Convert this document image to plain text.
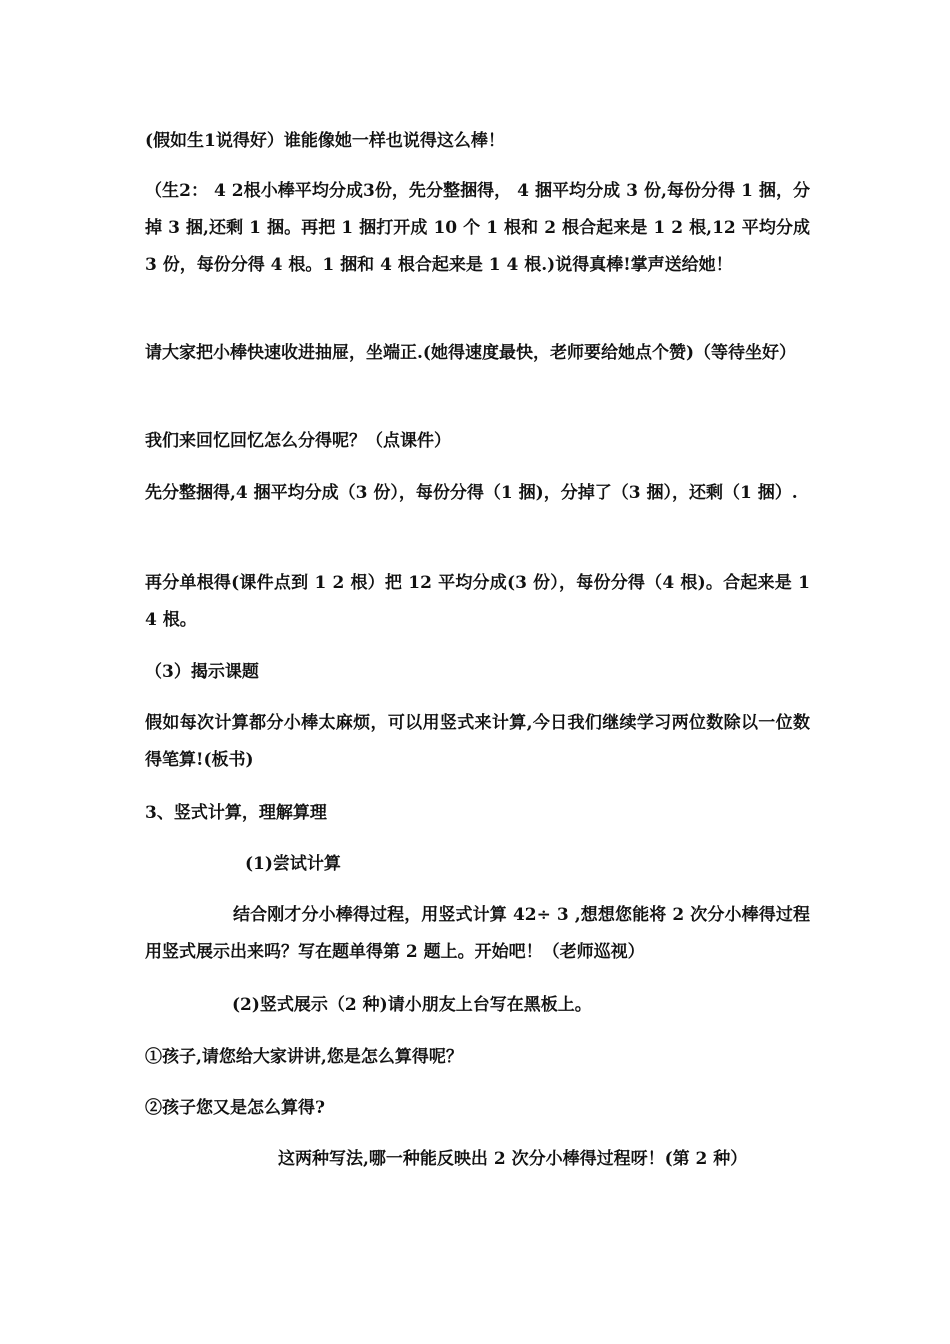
(假如生1说得好）谁能像她一样也说得这么棒！

（生2： 4 2根小棒平均分成3份，先分整捆得， 4 捆平均分成 3 份,每份分得 1 捆，分掉 3 捆,还剩 1 捆。再把 1 捆打开成 10 个 1 根和 2 根合起来是 1 2 根,12 平均分成 3 份，每份分得 4 根。1 捆和 4 根合起来是 1 4 根.)说得真棒!掌声送给她！

请大家把小棒快速收进抽屉，坐端正.(她得速度最快，老师要给她点个赞)（等待坐好）

我们来回忆回忆怎么分得呢？（点课件）

先分整捆得,4 捆平均分成（3 份），每份分得（1 捆)，分掉了（3 捆），还剩（1 捆）.

再分单根得(课件点到 1 2 根）把 12 平均分成(3 份），每份分得（4 根)。合起来是 1 4 根。

（3）揭示课题

假如每次计算都分小棒太麻烦，可以用竖式来计算,今日我们继续学习两位数除以一位数得笔算!(板书)

3、竖式计算，理解算理

(1)尝试计算

结合刚才分小棒得过程，用竖式计算 42÷ 3 ,想想您能将 2 次分小棒得过程用竖式展示出来吗？写在题单得第 2 题上。开始吧！（老师巡视）

(2)竖式展示（2 种)请小朋友上台写在黑板上。

①孩子,请您给大家讲讲,您是怎么算得呢？

②孩子您又是怎么算得?

这两种写法,哪一种能反映出 2 次分小棒得过程呀！(第 2 种）
